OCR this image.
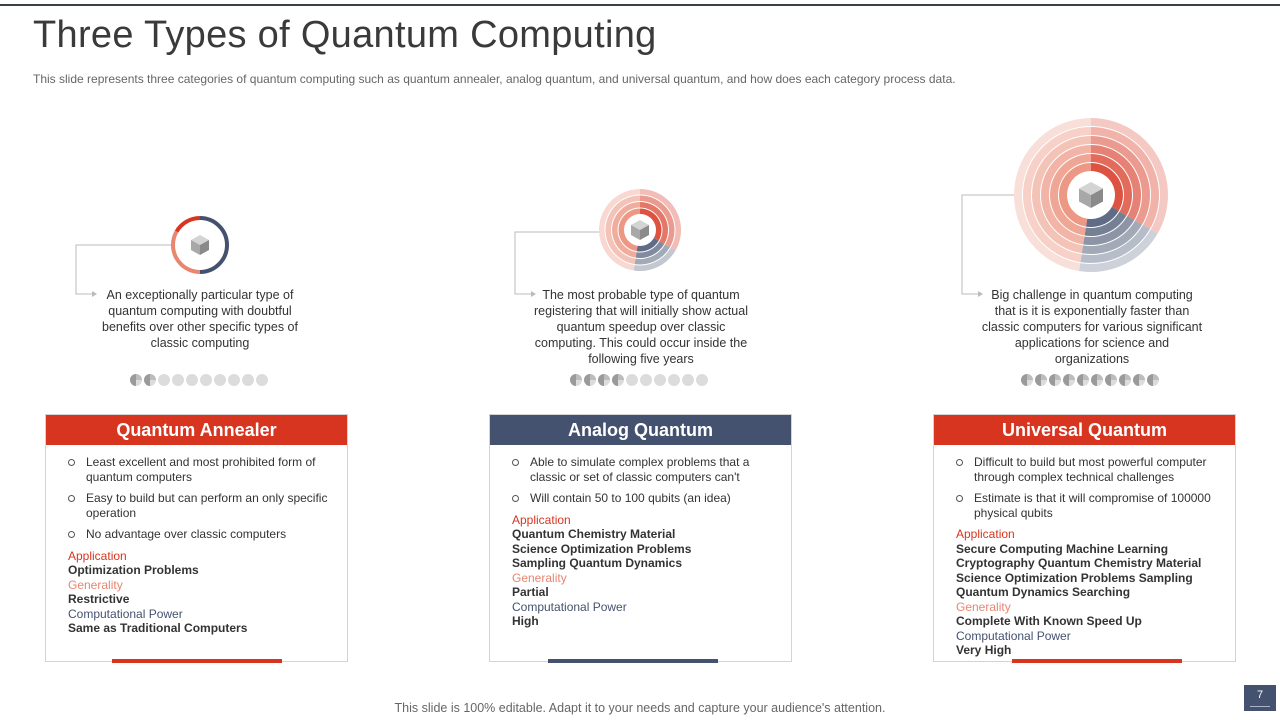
Three Types of Quantum Computing
This slide represents three categories of quantum computing such as quantum annealer, analog quantum, and universal quantum, and how does each category process data.
An exceptionally particular type of quantum computing with doubtful benefits over other specific types of classic computing
The most probable type of quantum registering that will initially show actual quantum speedup over classic computing. This could occur inside the following five years
Big challenge in quantum computing that is it is exponentially faster than classic computers for various significant applications for science and organizations
Quantum Annealer
Least excellent and most prohibited form of quantum computers
Easy to build but can perform an only specific operation
No advantage over classic computers
Application
Optimization Problems
Generality
Restrictive
Computational Power
Same as Traditional Computers
Analog Quantum
Able to simulate complex problems that a classic or set of classic computers can't
Will contain 50 to 100 qubits (an idea)
Application
Quantum Chemistry Material Science Optimization Problems Sampling Quantum Dynamics
Generality
Partial
Computational Power
High
Universal Quantum
Difficult to build but most powerful computer through complex technical challenges
Estimate is that it will compromise of 100000 physical qubits
Application
Secure Computing Machine Learning Cryptography Quantum Chemistry Material Science Optimization Problems Sampling Quantum Dynamics Searching
Generality
Complete With Known Speed Up
Computational Power
Very High
This slide is 100% editable. Adapt it to your needs and capture your audience's attention.
7
